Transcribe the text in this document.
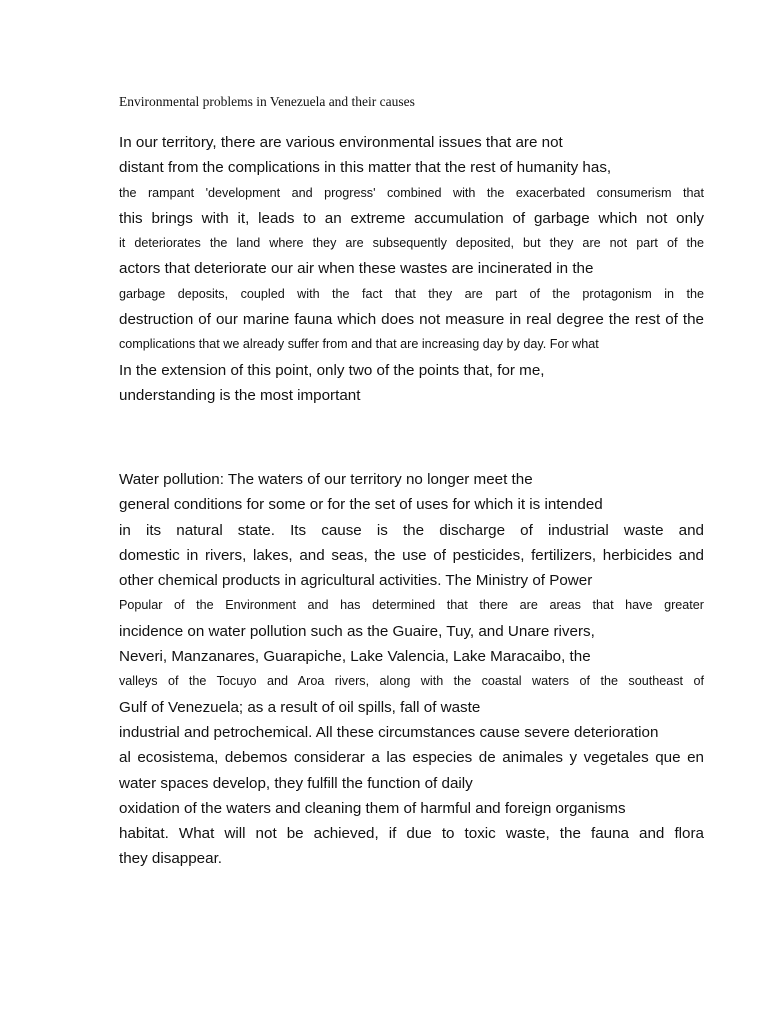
Environmental problems in Venezuela and their causes
In our territory, there are various environmental issues that are not
distant from the complications in this matter that the rest of humanity has,
the rampant 'development and progress' combined with the exacerbated consumerism that
this brings with it, leads to an extreme accumulation of garbage which not only
it deteriorates the land where they are subsequently deposited, but they are not part of the
actors that deteriorate our air when these wastes are incinerated in the
garbage deposits, coupled with the fact that they are part of the protagonism in the
destruction of our marine fauna which does not measure in real degree the rest of the
complications that we already suffer from and that are increasing day by day. For what
In the extension of this point, only two of the points that, for me,
understanding is the most important
Water pollution: The waters of our territory no longer meet the
general conditions for some or for the set of uses for which it is intended
in its natural state. Its cause is the discharge of industrial waste and
domestic in rivers, lakes, and seas, the use of pesticides, fertilizers, herbicides and
other chemical products in agricultural activities. The Ministry of Power
Popular of the Environment and has determined that there are areas that have greater
incidence on water pollution such as the Guaire, Tuy, and Unare rivers,
Neveri, Manzanares, Guarapiche, Lake Valencia, Lake Maracaibo, the
valleys of the Tocuyo and Aroa rivers, along with the coastal waters of the southeast of
Gulf of Venezuela; as a result of oil spills, fall of waste
industrial and petrochemical. All these circumstances cause severe deterioration
al ecosistema, debemos considerar a las especies de animales y vegetales que en
water spaces develop, they fulfill the function of daily
oxidation of the waters and cleaning them of harmful and foreign organisms
habitat. What will not be achieved, if due to toxic waste, the fauna and flora
they disappear.
